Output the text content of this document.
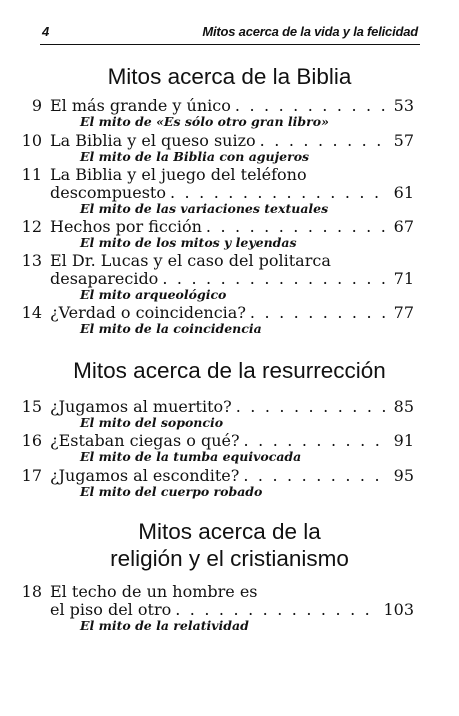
4	Mitos acerca de la vida y la felicidad
Mitos acerca de la Biblia
9 El más grande y único . . .	53
El mito de «Es sólo otro gran libro»
10 La Biblia y el queso suizo . . .	57
El mito de la Biblia con agujeros
11 La Biblia y el juego del teléfono
descompuesto . . .	61
El mito de las variaciones textuales
12 Hechos por ficción . . .	67
El mito de los mitos y leyendas
13 El Dr. Lucas y el caso del politarca
desaparecido . . .	71
El mito arqueológico
14 ¿Verdad o coincidencia? . . .	77
El mito de la coincidencia
Mitos acerca de la resurrección
15 ¿Jugamos al muertito? . . .	85
El mito del soponcio
16 ¿Estaban ciegas o qué? . . .	91
El mito de la tumba equivocada
17 ¿Jugamos al escondite? . . .	95
El mito del cuerpo robado
Mitos acerca de la
religión y el cristianismo
18 El techo de un hombre es
el piso del otro . . .	103
El mito de la relatividad
